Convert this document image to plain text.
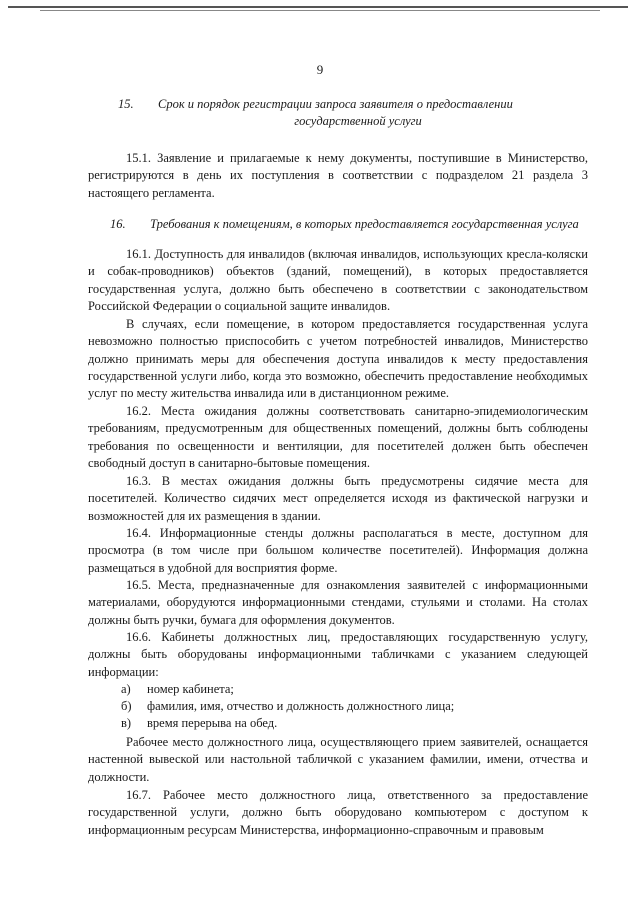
9
15. Срок и порядок регистрации запроса заявителя о предоставлении
государственной услуги
15.1. Заявление и прилагаемые к нему документы, поступившие в Министерство, регистрируются в день их поступления в соответствии с подразделом 21 раздела 3 настоящего регламента.
16. Требования к помещениям, в которых предоставляется государственная услуга
16.1. Доступность для инвалидов (включая инвалидов, использующих кресла-коляски и собак-проводников) объектов (зданий, помещений), в которых предоставляется государственная услуга, должно быть обеспечено в соответствии с законодательством Российской Федерации о социальной защите инвалидов.
В случаях, если помещение, в котором предоставляется государственная услуга невозможно полностью приспособить с учетом потребностей инвалидов, Министерство должно принимать меры для обеспечения доступа инвалидов к месту предоставления государственной услуги либо, когда это возможно, обеспечить предоставление необходимых услуг по месту жительства инвалида или в дистанционном режиме.
16.2. Места ожидания должны соответствовать санитарно-эпидемиологическим требованиям, предусмотренным для общественных помещений, должны быть соблюдены требования по освещенности и вентиляции, для посетителей должен быть обеспечен свободный доступ в санитарно-бытовые помещения.
16.3. В местах ожидания должны быть предусмотрены сидячие места для посетителей. Количество сидячих мест определяется исходя из фактической нагрузки и возможностей для их размещения в здании.
16.4. Информационные стенды должны располагаться в месте, доступном для просмотра (в том числе при большом количестве посетителей). Информация должна размещаться в удобной для восприятия форме.
16.5. Места, предназначенные для ознакомления заявителей с информационными материалами, оборудуются информационными стендами, стульями и столами. На столах должны быть ручки, бумага для оформления документов.
16.6. Кабинеты должностных лиц, предоставляющих государственную услугу, должны быть оборудованы информационными табличками с указанием следующей информации:
а) номер кабинета;
б) фамилия, имя, отчество и должность должностного лица;
в) время перерыва на обед.
Рабочее место должностного лица, осуществляющего прием заявителей, оснащается настенной вывеской или настольной табличкой с указанием фамилии, имени, отчества и должности.
16.7. Рабочее место должностного лица, ответственного за предоставление государственной услуги, должно быть оборудовано компьютером с доступом к информационным ресурсам Министерства, информационно-справочным и правовым
